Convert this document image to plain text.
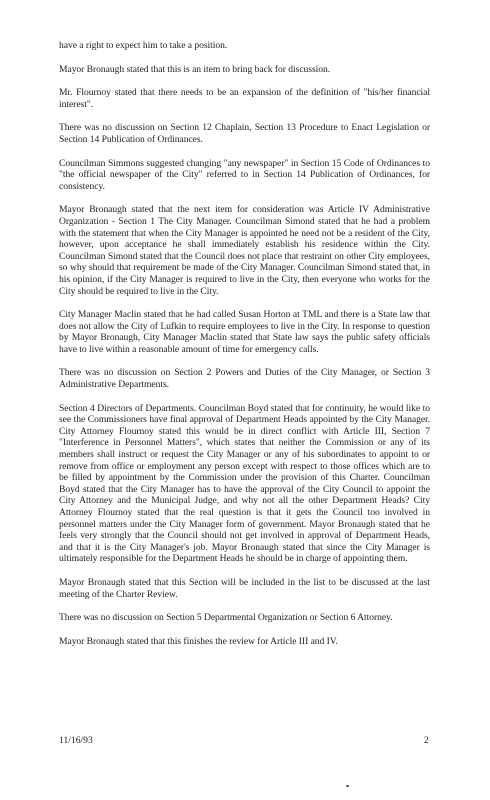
have a right to expect him to take a position.

Mayor Bronaugh stated that this is an item to bring back for discussion.

Mr. Flournoy stated that there needs to be an expansion of the definition of "his/her financial interest".

There was no discussion on Section 12 Chaplain, Section 13 Procedure to Enact Legislation or Section 14 Publication of Ordinances.

Councilman Simmons suggested changing "any newspaper" in Section 15 Code of Ordinances to "the official newspaper of the City" referred to in Section 14 Publication of Ordinances, for consistency.

Mayor Bronaugh stated that the next item for consideration was Article IV Administrative Organization - Section 1 The City Manager. Councilman Simond stated that he had a problem with the statement that when the City Manager is appointed he need not be a resident of the City, however, upon acceptance he shall immediately establish his residence within the City. Councilman Simond stated that the Council does not place that restraint on other City employees, so why should that requirement be made of the City Manager. Councilman Simond stated that, in his opinion, if the City Manager is required to live in the City, then everyone who works for the City should be required to live in the City.

City Manager Maclin stated that he had called Susan Horton at TML and there is a State law that does not allow the City of Lufkin to require employees to live in the City. In response to question by Mayor Bronaugh, City Manager Maclin stated that State law says the public safety officials have to live within a reasonable amount of time for emergency calls.

There was no discussion on Section 2 Powers and Duties of the City Manager, or Section 3 Administrative Departments.

Section 4 Directors of Departments. Councilman Boyd stated that for continuity, he would like to see the Commissioners have final approval of Department Heads appointed by the City Manager. City Attorney Flournoy stated this would be in direct conflict with Article III, Section 7 "Interference in Personnel Matters", which states that neither the Commission or any of its members shall instruct or request the City Manager or any of his subordinates to appoint to or remove from office or employment any person except with respect to those offices which are to be filled by appointment by the Commission under the provision of this Charter. Councilman Boyd stated that the City Manager has to have the approval of the City Council to appoint the City Attorney and the Municipal Judge, and why not all the other Department Heads? City Attorney Flournoy stated that the real question is that it gets the Council too involved in personnel matters under the City Manager form of government. Mayor Bronaugh stated that he feels very strongly that the Council should not get involved in approval of Department Heads, and that it is the City Manager's job. Mayor Bronaugh stated that since the City Manager is ultimately responsible for the Department Heads he should be in charge of appointing them.

Mayor Bronaugh stated that this Section will be included in the list to be discussed at the last meeting of the Charter Review.

There was no discussion on Section 5 Departmental Organization or Section 6 Attorney.

Mayor Bronaugh stated that this finishes the review for Article III and IV.

11/16/93	2
